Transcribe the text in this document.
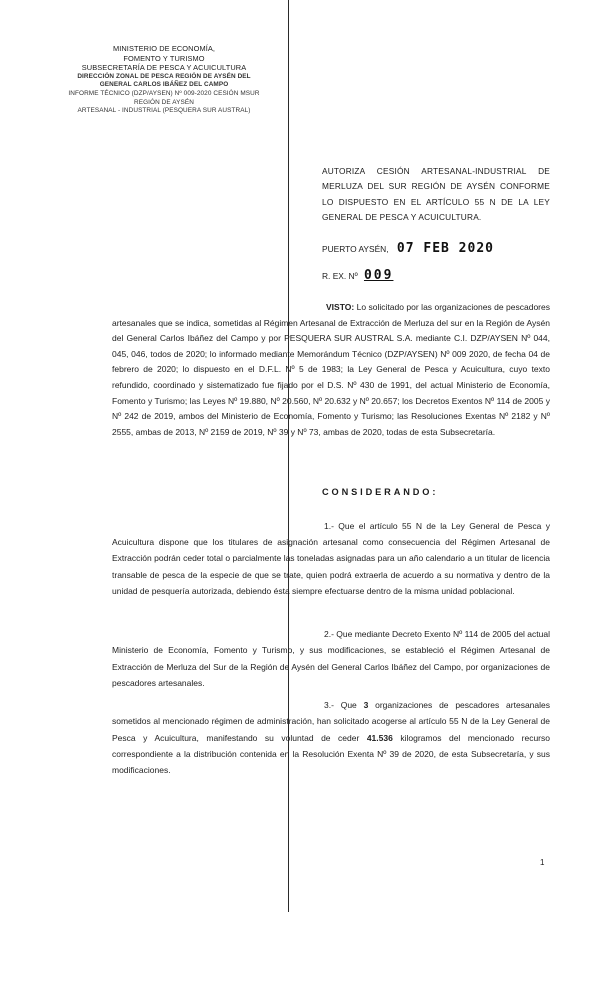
MINISTERIO DE ECONOMÍA,
FOMENTO Y TURISMO
SUBSECRETARÍA DE PESCA Y ACUICULTURA
DIRECCIÓN ZONAL DE PESCA REGIÓN DE AYSÉN DEL
GENERAL CARLOS IBÁÑEZ DEL CAMPO
INFORME TÉCNICO (DZP/AYSEN) Nº 009-2020 CESIÓN MSUR
REGIÓN DE AYSÉN
ARTESANAL - INDUSTRIAL (PESQUERA SUR AUSTRAL)
AUTORIZA CESIÓN ARTESANAL-INDUSTRIAL DE MERLUZA DEL SUR REGIÓN DE AYSÉN CONFORME LO DISPUESTO EN EL ARTÍCULO 55 N DE LA LEY GENERAL DE PESCA Y ACUICULTURA.
PUERTO AYSÉN, 07 FEB 2020
R. EX. Nº 009
VISTO: Lo solicitado por las organizaciones de pescadores artesanales que se indica, sometidas al Régimen Artesanal de Extracción de Merluza del sur en la Región de Aysén del General Carlos Ibáñez del Campo y por PESQUERA SUR AUSTRAL S.A. mediante C.I. DZP/AYSEN Nº 044, 045, 046, todos de 2020; lo informado mediante Memorándum Técnico (DZP/AYSEN) Nº 009 2020, de fecha 04 de febrero de 2020; lo dispuesto en el D.F.L. Nº 5 de 1983; la Ley General de Pesca y Acuicultura, cuyo texto refundido, coordinado y sistematizado fue fijado por el D.S. Nº 430 de 1991, del actual Ministerio de Economía, Fomento y Turismo; las Leyes Nº 19.880, Nº 20.560, Nº 20.632 y Nº 20.657; los Decretos Exentos Nº 114 de 2005 y Nº 242 de 2019, ambos del Ministerio de Economía, Fomento y Turismo; las Resoluciones Exentas Nº 2182 y Nº 2555, ambas de 2013, Nº 2159 de 2019, Nº 39 y Nº 73, ambas de 2020, todas de esta Subsecretaría.
CONSIDERANDO:
1.- Que el artículo 55 N de la Ley General de Pesca y Acuicultura dispone que los titulares de asignación artesanal como consecuencia del Régimen Artesanal de Extracción podrán ceder total o parcialmente las toneladas asignadas para un año calendario a un titular de licencia transable de pesca de la especie de que se trate, quien podrá extraerla de acuerdo a su normativa y dentro de la unidad de pesquería autorizada, debiendo ésta siempre efectuarse dentro de la misma unidad poblacional.
2.- Que mediante Decreto Exento Nº 114 de 2005 del actual Ministerio de Economía, Fomento y Turismo, y sus modificaciones, se estableció el Régimen Artesanal de Extracción de Merluza del Sur de la Región de Aysén del General Carlos Ibáñez del Campo, por organizaciones de pescadores artesanales.
3.- Que 3 organizaciones de pescadores artesanales sometidos al mencionado régimen de administración, han solicitado acogerse al artículo 55 N de la Ley General de Pesca y Acuicultura, manifestando su voluntad de ceder 41.536 kilogramos del mencionado recurso correspondiente a la distribución contenida en la Resolución Exenta Nº 39 de 2020, de esta Subsecretaría, y sus modificaciones.
1
